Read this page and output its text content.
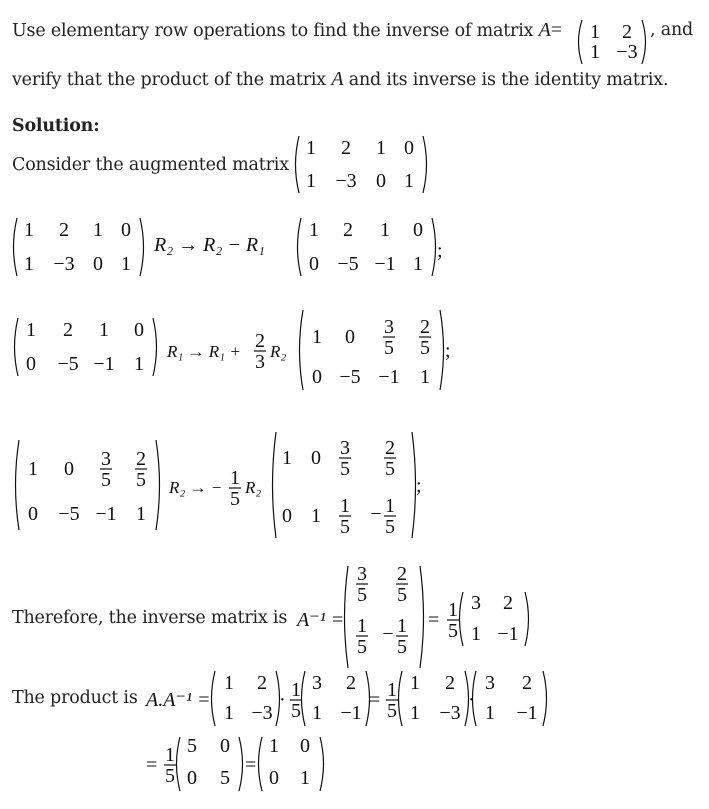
Use elementary row operations to find the inverse of matrix A=	, and
verify that the product of the matrix A and its inverse is the identity matrix.
Solution:
Consider the augmented matrix
Therefore, the inverse matrix is
The product is
1 2
1 −3
1 2 1 0
1 −3 0 1
1 2 1 0
1 −3 0 1
R₂ → R₂ − R₁
1 2 1 0
0 −5 −1 1
;
1 2 1 0
0 −5 −1 1
R₁ → R₁ + 2
3 R₂
1 0 3
5
2
5
0 −5 −1 1
;
1 0 3
5
2
5
0 −5 −1 1
R₂ → − 1
5
R₂
1 0 3
5
2
5
0 1 1
5
− 1
5
;
A⁻¹ =
3
5
2
5
1
5
− 1
5
= 1
5
3 2
1 −1
A.A⁻¹ =
1 2
1 −3
· 1
5
3 2
1 −1
= 1
5
1 2
1 −3
·
3 2
1 −1
= 1
5
5 0
0 5
=
1 0
0 1
